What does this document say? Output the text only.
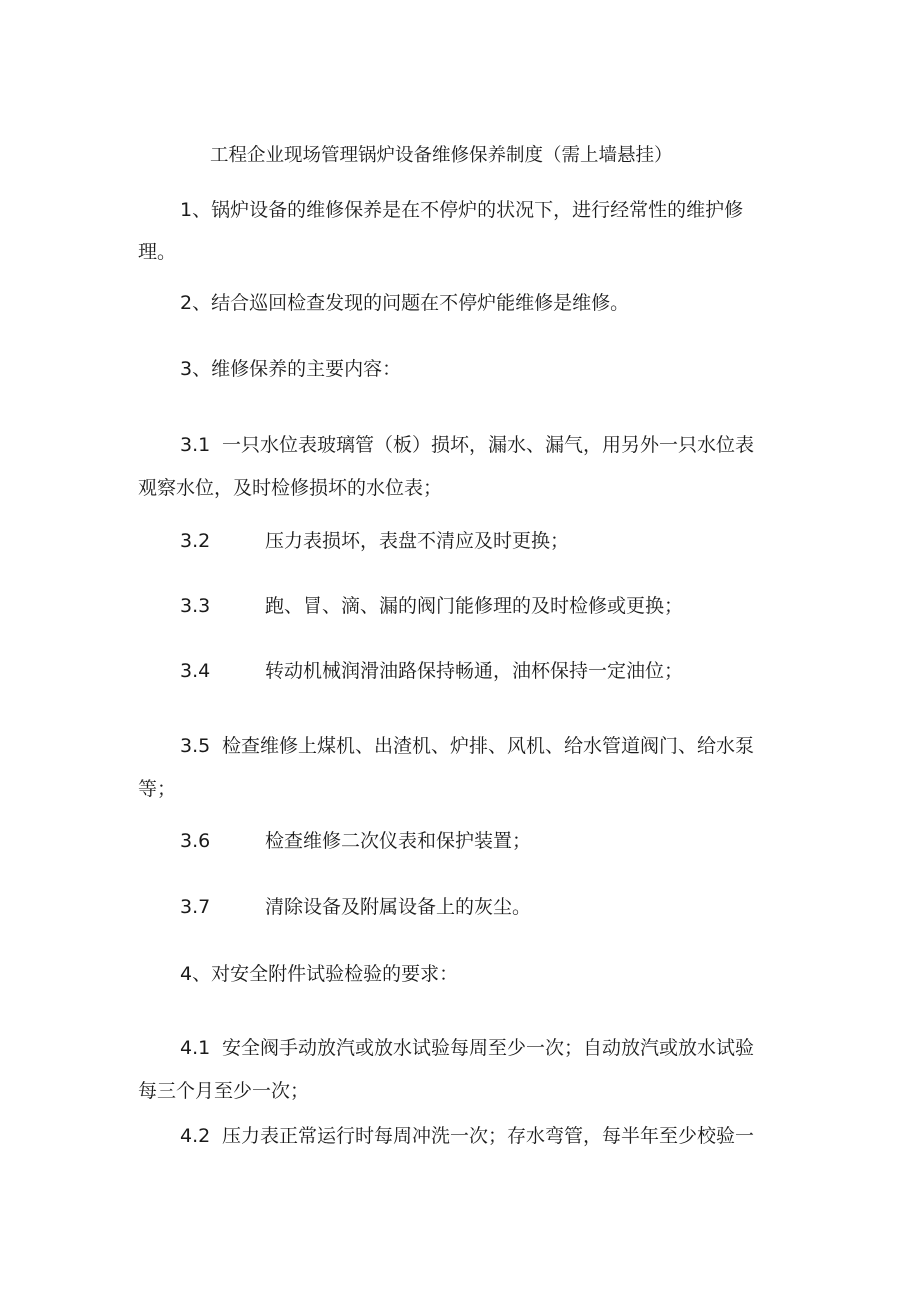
工程企业现场管理锅炉设备维修保养制度（需上墙悬挂）
1、锅炉设备的维修保养是在不停炉的状况下，进行经常性的维护修
理。
2、结合巡回检查发现的问题在不停炉能维修是维修。
3、维修保养的主要内容：
3.1 一只水位表玻璃管（板）损坏，漏水、漏气，用另外一只水位表
观察水位，及时检修损坏的水位表；
3.2	压力表损坏，表盘不清应及时更换；
3.3	跑、冒、滴、漏的阀门能修理的及时检修或更换；
3.4	转动机械润滑油路保持畅通，油杯保持一定油位；
3.5 检查维修上煤机、出渣机、炉排、风机、给水管道阀门、给水泵
等；
3.6	检查维修二次仪表和保护装置；
3.7	清除设备及附属设备上的灰尘。
4、对安全附件试验检验的要求：
4.1 安全阀手动放汽或放水试验每周至少一次；自动放汽或放水试验
每三个月至少一次；
4.2 压力表正常运行时每周冲洗一次；存水弯管，每半年至少校验一
